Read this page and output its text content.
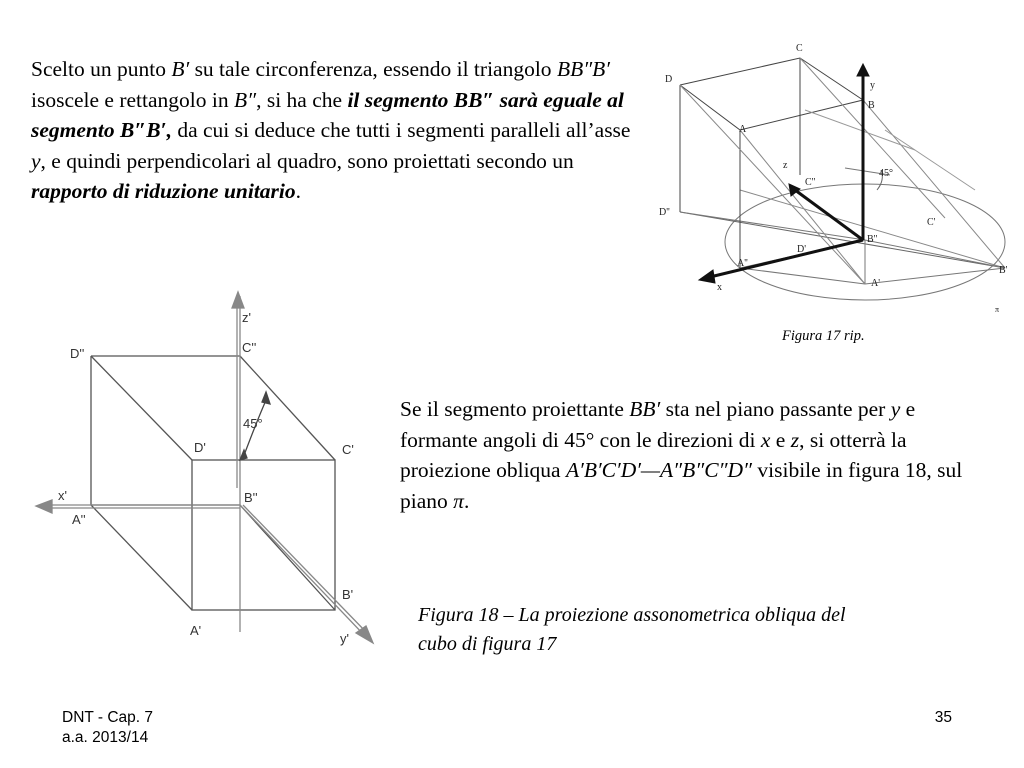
Scelto un punto B′ su tale circonferenza, essendo il triangolo BB″B′ isoscele e rettangolo in B″, si ha che il segmento BB″ sarà eguale al segmento B″B′, da cui si deduce che tutti i segmenti paralleli all’asse y, e quindi perpendicolari al quadro, sono proiettati secondo un rapporto di riduzione unitario.
C
D
y
B
A
z
C''
45°
D''
C'
D'
B''
B'
A''
A'
x
π
Figura 17 rip.
z'
D''	C''
45°
D'	C'
x'	B''
A''
B'
A'
y'
Se il segmento proiettante BB′ sta nel piano passante per y e formante angoli di 45° con le direzioni di x e z, si otterrà la proiezione obliqua A′B′C′D′—A″B″C″D″ visibile in figura 18, sul piano π.
Figura 18 – La proiezione assonometrica obliqua del cubo di figura 17
DNT - Cap. 7
a.a. 2013/14
35
